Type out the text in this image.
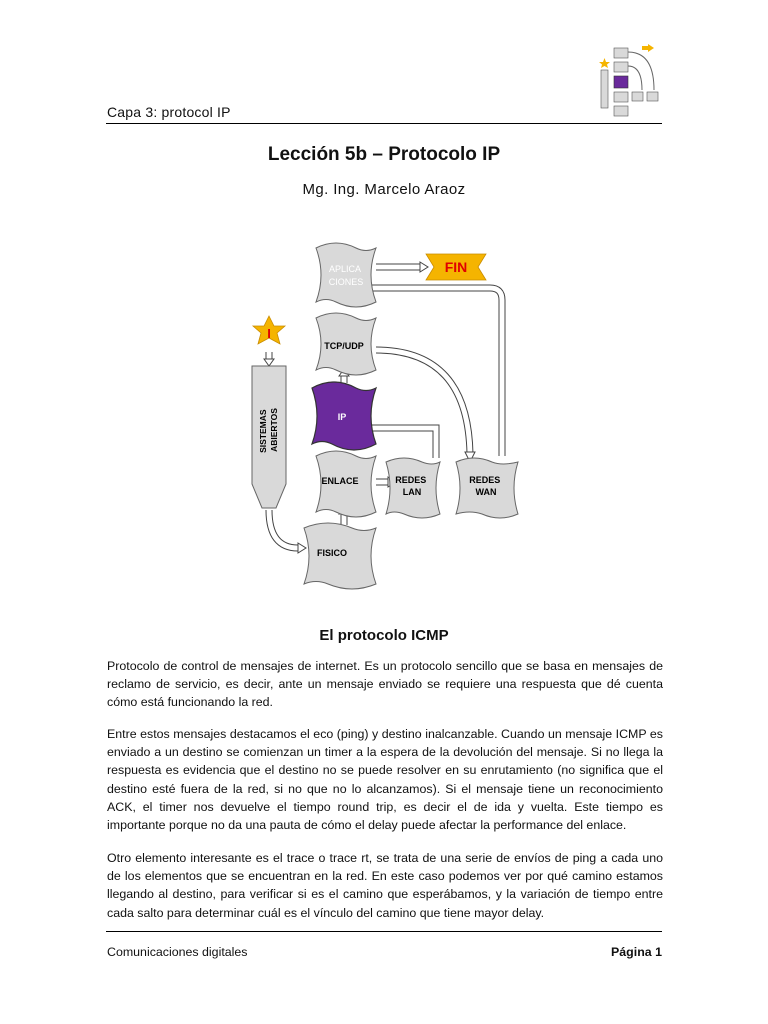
Capa 3: protocol IP
Lección 5b – Protocolo IP
Mg. Ing. Marcelo Araoz
APLICA CIONES
TCP/UDP
IP
ENLACE
FISICO
REDES LAN
REDES WAN
SISTEMAS ABIERTOS
I
FIN
El protocolo ICMP
Protocolo de control de mensajes de internet. Es un protocolo sencillo que se basa en mensajes de reclamo de servicio, es decir, ante un mensaje enviado se requiere una respuesta que dé cuenta cómo está funcionando la red.
Entre estos mensajes destacamos el eco (ping) y destino inalcanzable. Cuando un mensaje ICMP es enviado a un destino se comienzan un timer a la espera de la devolución del mensaje. Si no llega la respuesta es evidencia que el destino no se puede resolver en su enrutamiento (no significa que el destino esté fuera de la red, si no que no lo alcanzamos). Si el mensaje tiene un reconocimiento ACK, el timer nos devuelve el tiempo round trip, es decir el de ida y vuelta. Este tiempo es importante porque no da una pauta de cómo el delay puede afectar la performance del enlace.
Otro elemento interesante es el trace o trace rt, se trata de una serie de envíos de ping a cada uno de los elementos que se encuentran en la red. En este caso podemos ver por qué camino estamos llegando al destino, para verificar si es el camino que esperábamos, y la variación de tiempo entre cada salto para determinar cuál es el vínculo del camino que tiene mayor delay.
Comunicaciones digitales	Página 1
